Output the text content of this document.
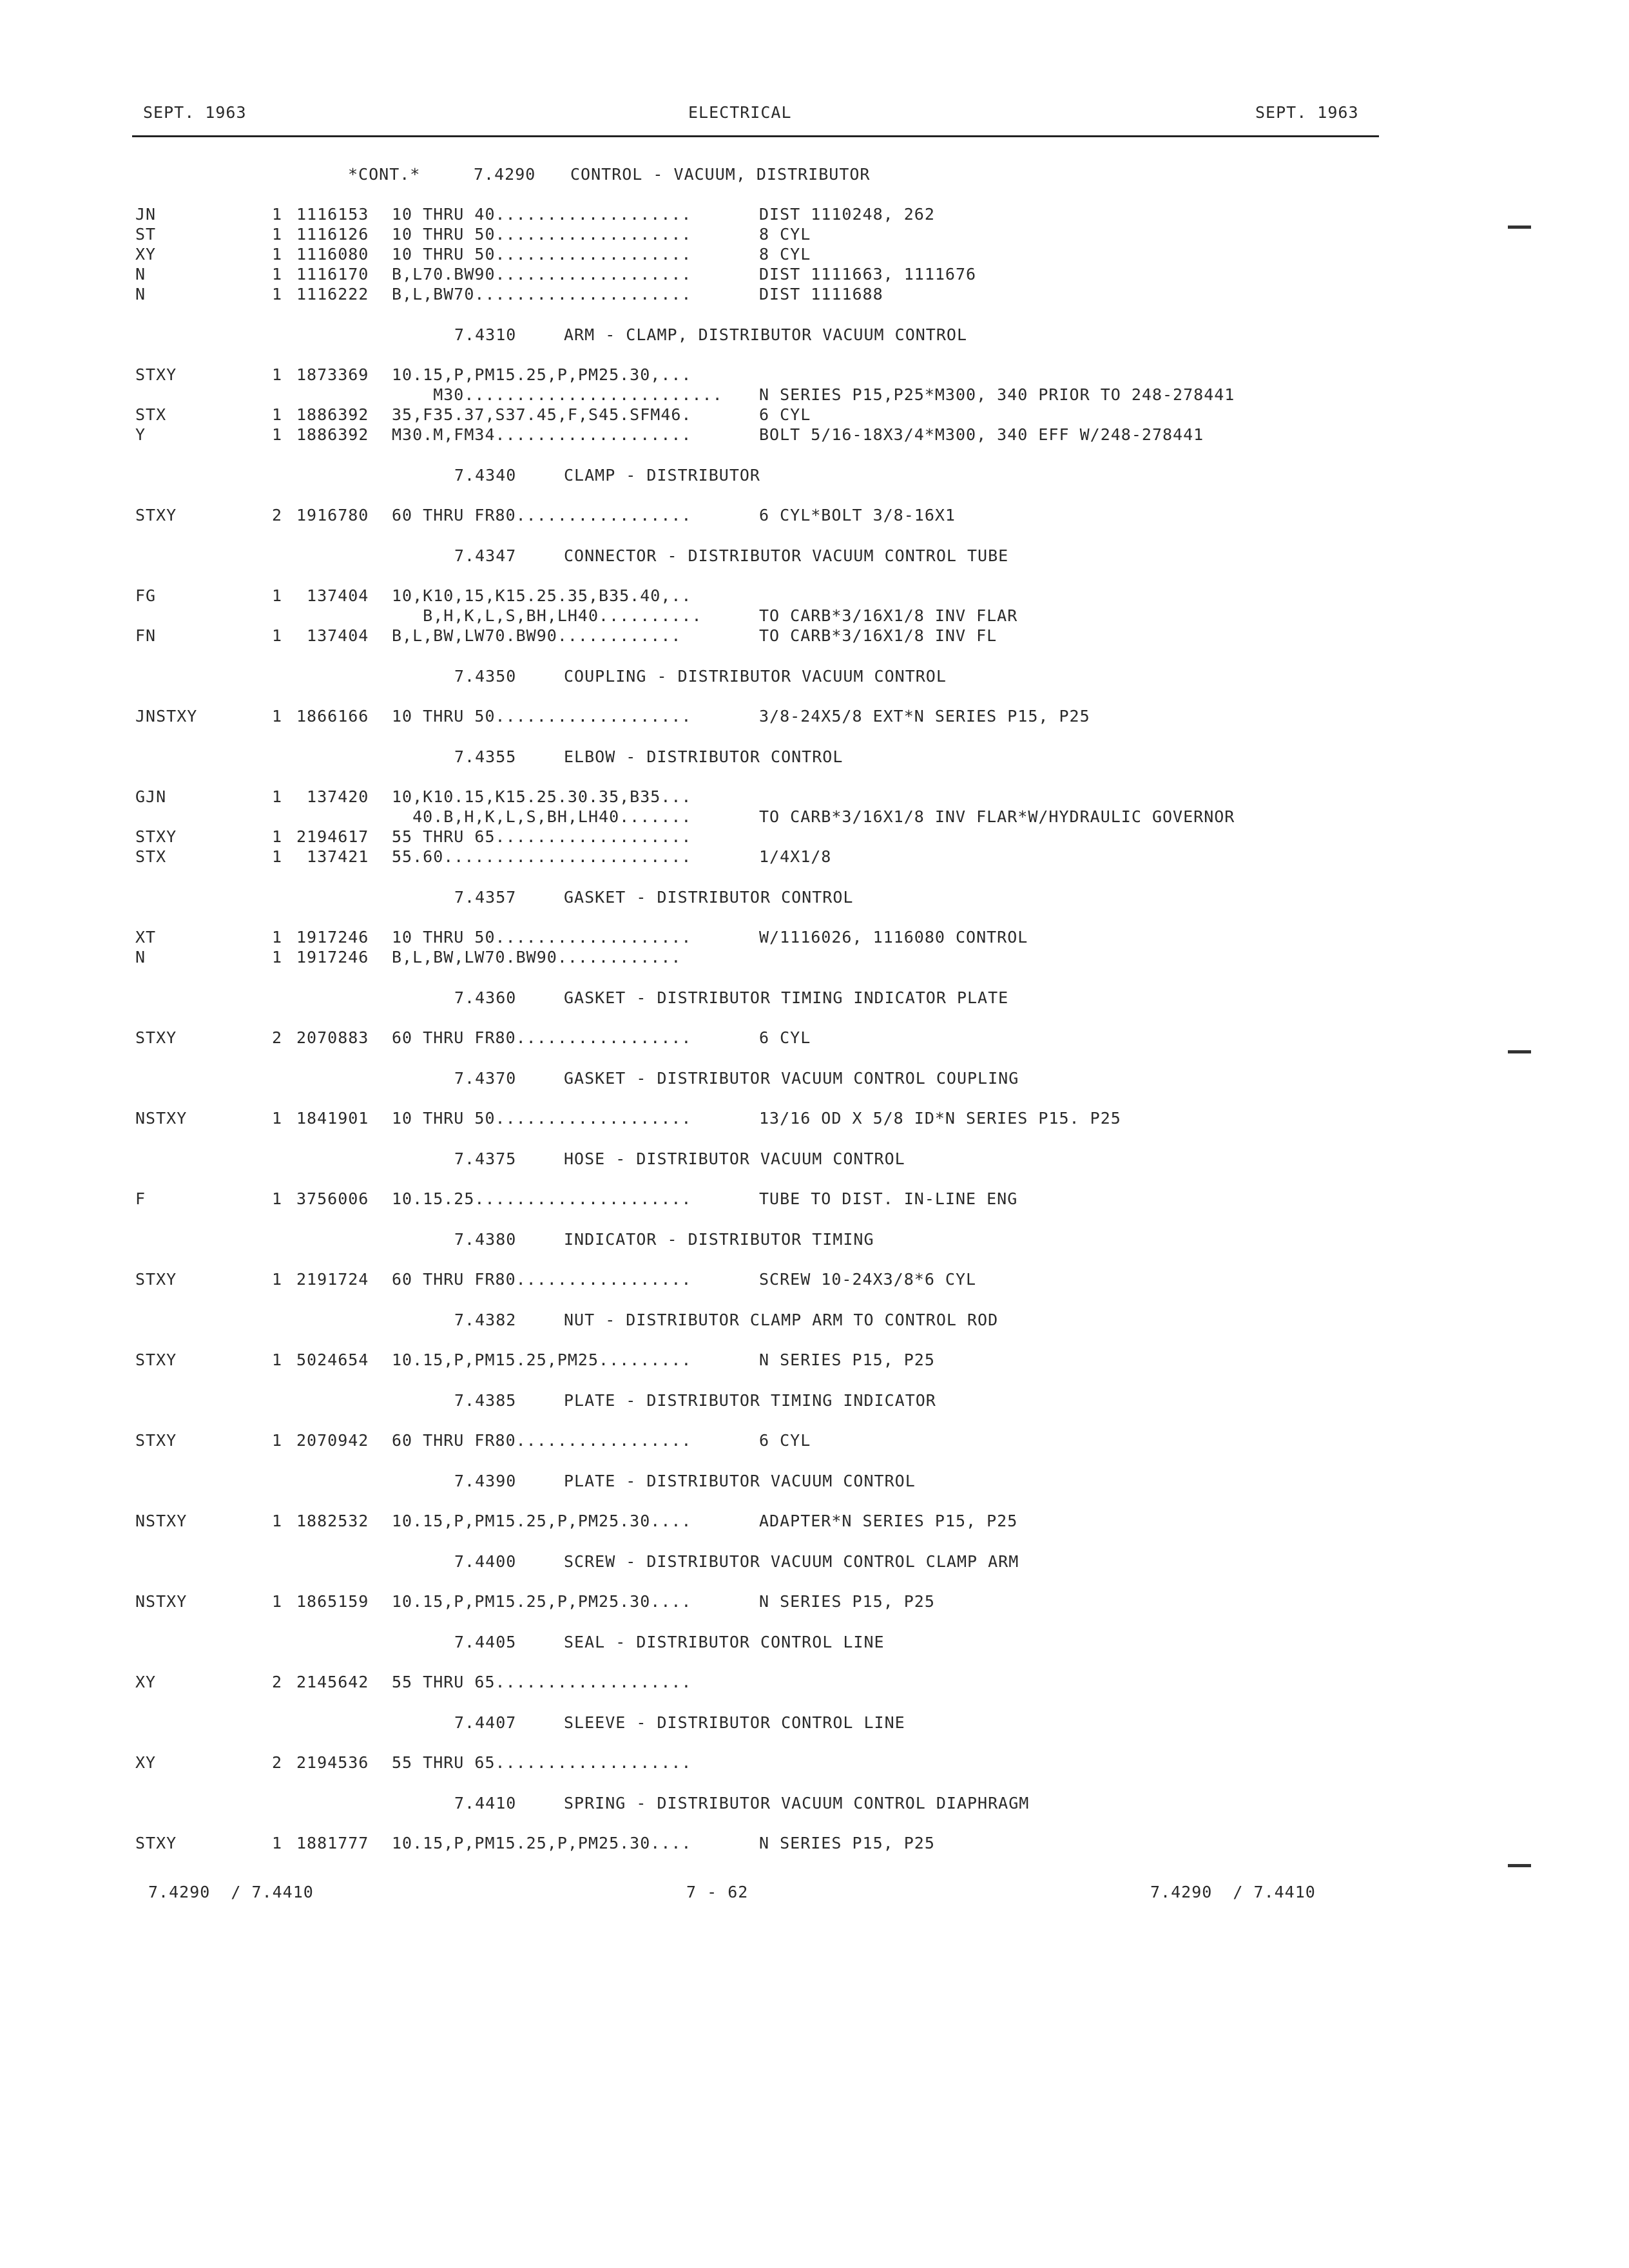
SEPT. 1963	ELECTRICAL	SEPT. 1963
*CONT.*	7.4290 CONTROL - VACUUM, DISTRIBUTOR
JN	1 1116153 10 THRU 40...................	DIST 1110248, 262
ST	1 1116126 10 THRU 50...................	8 CYL
XY	1 1116080 10 THRU 50...................	8 CYL
N	1 1116170 B,L70.BW90...................	DIST 1111663, 1111676
N	1 1116222 B,L,BW70.....................	DIST 1111688
7.4310	ARM - CLAMP, DISTRIBUTOR VACUUM CONTROL
STXY	1 1873369 10.15,P,PM15.25,P,PM25.30,...
M30......................... N SERIES P15,P25*M300, 340 PRIOR TO 248-278441
STX	1 1886392 35,F35.37,S37.45,F,S45.SFM46.	6 CYL
Y	1 1886392 M30.M,FM34...................	BOLT 5/16-18X3/4*M300, 340 EFF W/248-278441
7.4340	CLAMP - DISTRIBUTOR
STXY	2 1916780 60 THRU FR80.................	6 CYL*BOLT 3/8-16X1
7.4347	CONNECTOR - DISTRIBUTOR VACUUM CONTROL TUBE
FG	1 137404 10,K10,15,K15.25.35,B35.40,..
B,H,K,L,S,BH,LH40..........	TO CARB*3/16X1/8 INV FLAR
FN	1 137404 B,L,BW,LW70.BW90............	TO CARB*3/16X1/8 INV FL
7.4350	COUPLING - DISTRIBUTOR VACUUM CONTROL
JNSTXY	1 1866166 10 THRU 50...................	3/8-24X5/8 EXT*N SERIES P15, P25
7.4355	ELBOW - DISTRIBUTOR CONTROL
GJN	1 137420 10,K10.15,K15.25.30.35,B35...
40.B,H,K,L,S,BH,LH40.......	TO CARB*3/16X1/8 INV FLAR*W/HYDRAULIC GOVERNOR
STXY	1 2194617 55 THRU 65...................
STX	1 137421 55.60........................	1/4X1/8
7.4357	GASKET - DISTRIBUTOR CONTROL
XT	1 1917246 10 THRU 50...................	W/1116026, 1116080 CONTROL
N	1 1917246 B,L,BW,LW70.BW90............
7.4360	GASKET - DISTRIBUTOR TIMING INDICATOR PLATE
STXY	2 2070883 60 THRU FR80.................	6 CYL
7.4370	GASKET - DISTRIBUTOR VACUUM CONTROL COUPLING
NSTXY	1 1841901 10 THRU 50...................	13/16 OD X 5/8 ID*N SERIES P15. P25
7.4375	HOSE - DISTRIBUTOR VACUUM CONTROL
F	1 3756006 10.15.25.....................	TUBE TO DIST. IN-LINE ENG
7.4380	INDICATOR - DISTRIBUTOR TIMING
STXY	1 2191724 60 THRU FR80.................	SCREW 10-24X3/8*6 CYL
7.4382	NUT - DISTRIBUTOR CLAMP ARM TO CONTROL ROD
STXY	1 5024654 10.15,P,PM15.25,PM25.........	N SERIES P15, P25
7.4385	PLATE - DISTRIBUTOR TIMING INDICATOR
STXY	1 2070942 60 THRU FR80.................	6 CYL
7.4390	PLATE - DISTRIBUTOR VACUUM CONTROL
NSTXY	1 1882532 10.15,P,PM15.25,P,PM25.30....	ADAPTER*N SERIES P15, P25
7.4400	SCREW - DISTRIBUTOR VACUUM CONTROL CLAMP ARM
NSTXY	1 1865159 10.15,P,PM15.25,P,PM25.30....	N SERIES P15, P25
7.4405	SEAL - DISTRIBUTOR CONTROL LINE
XY	2 2145642 55 THRU 65...................
7.4407	SLEEVE - DISTRIBUTOR CONTROL LINE
XY	2 2194536 55 THRU 65...................
7.4410	SPRING - DISTRIBUTOR VACUUM CONTROL DIAPHRAGM
STXY	1 1881777 10.15,P,PM15.25,P,PM25.30....	N SERIES P15, P25
7.4290  / 7.4410	7 - 62	7.4290  / 7.4410
